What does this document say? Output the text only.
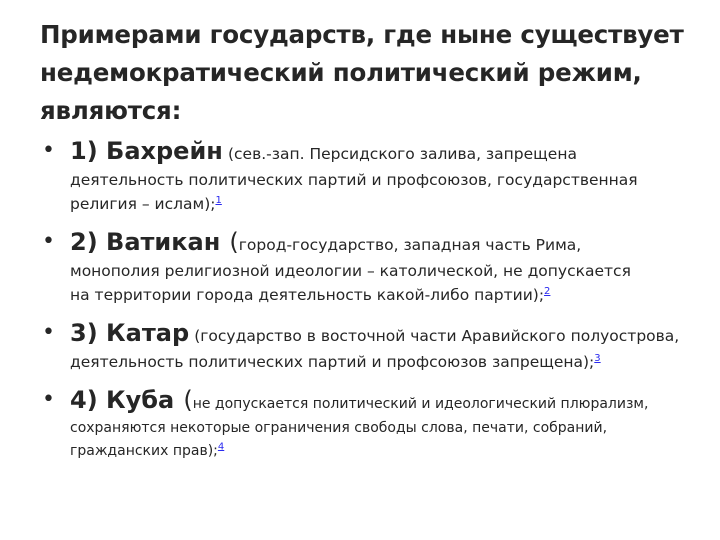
Примерами государств, где ныне существует
недемократический политический режим,
являются:
• 1) Бахрейн (сев.-зап. Персидского залива, запрещена
деятельность политических партий и профсоюзов, государственная
религия – ислам);$^1$
• 2) Ватикан (город-государство, западная часть Рима,
монополия религиозной идеологии – католической, не допускается
на территории города деятельность какой-либо партии);$^2$
• 3) Катар (государство в восточной части Аравийского полуострова,
деятельность политических партий и профсоюзов запрещена);$^3$
• 4) Куба (не допускается политический и идеологический плюрализм,
сохраняются некоторые ограничения свободы слова, печати, собраний,
гражданских прав);$^4$
